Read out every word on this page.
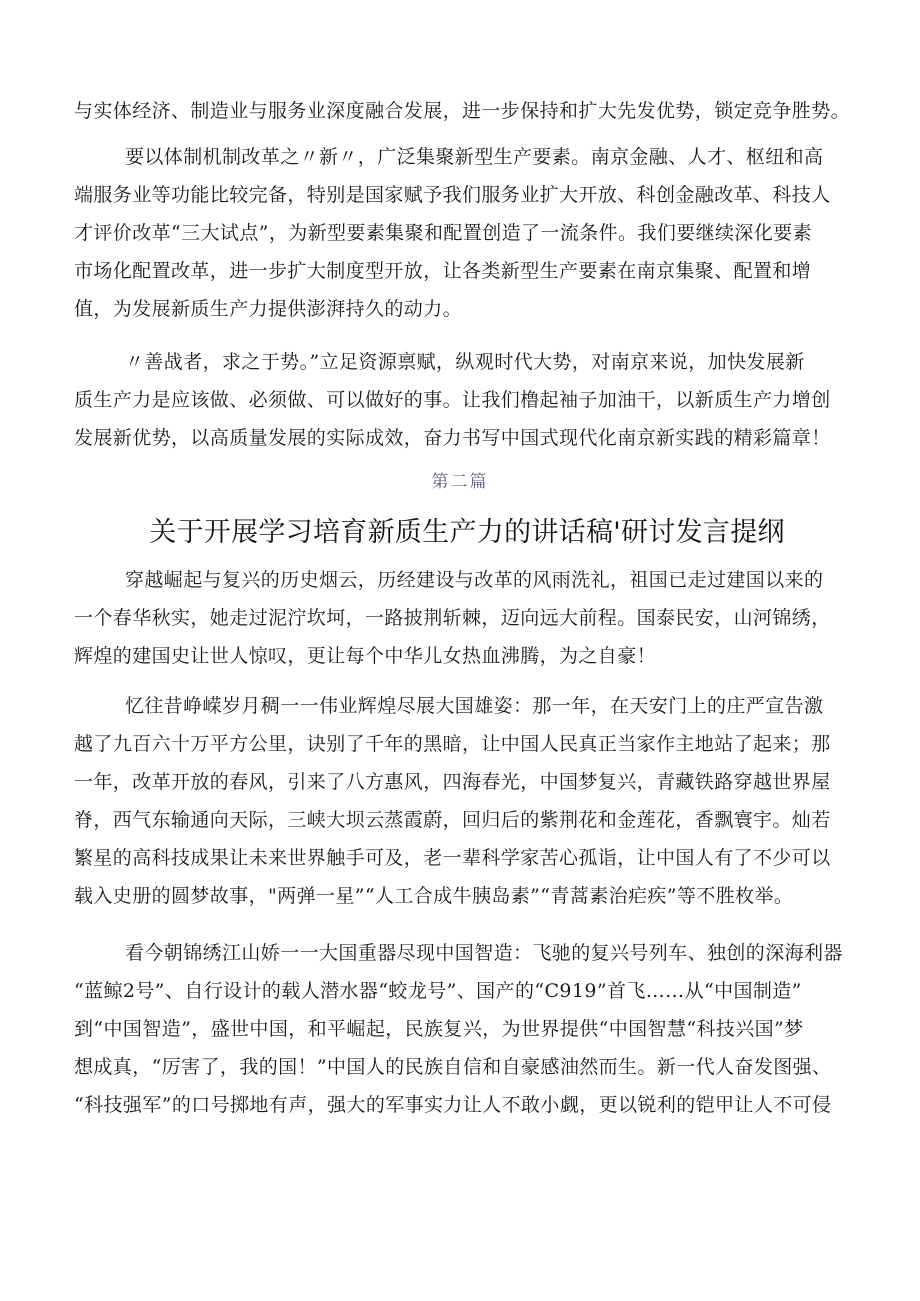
与实体经济、制造业与服务业深度融合发展，进一步保持和扩大先发优势，锁定竞争胜势。
要以体制机制改革之〃新〃，广泛集聚新型生产要素。南京金融、人才、枢纽和高
端服务业等功能比较完备，特别是国家赋予我们服务业扩大开放、科创金融改革、科技人
才评价改革“三大试点”，为新型要素集聚和配置创造了一流条件。我们要继续深化要素
市场化配置改革，进一步扩大制度型开放，让各类新型生产要素在南京集聚、配置和增
值，为发展新质生产力提供澎湃持久的动力。
〃善战者，求之于势。”立足资源禀赋，纵观时代大势，对南京来说，加快发展新
质生产力是应该做、必须做、可以做好的事。让我们橹起袖子加油干，以新质生产力增创
发展新优势，以高质量发展的实际成效，奋力书写中国式现代化南京新实践的精彩篇章！
第二篇
关于开展学习培育新质生产力的讲话稿'研讨发言提纲
穿越崛起与复兴的历史烟云，历经建设与改革的风雨洗礼，祖国已走过建国以来的
一个春华秋实，她走过泥泞坎坷，一路披荆斩棘，迈向远大前程。国泰民安，山河锦绣，
辉煌的建国史让世人惊叹，更让每个中华儿女热血沸腾，为之自豪！
忆往昔峥嵘岁月稠一一伟业辉煌尽展大国雄姿：那一年，在天安门上的庄严宣告激
越了九百六十万平方公里，诀别了千年的黑暗，让中国人民真正当家作主地站了起来；那
一年，改革开放的春风，引来了八方惠风，四海春光，中国梦复兴，青藏铁路穿越世界屋
脊，西气东输通向天际，三峡大坝云蒸霞蔚，回归后的紫荆花和金莲花，香飘寰宇。灿若
繁星的高科技成果让未来世界触手可及，老一辈科学家苦心孤诣，让中国人有了不少可以
载入史册的圆梦故事，"两弹一星”“人工合成牛胰岛素”“青蒿素治疟疾”等不胜枚举。
看今朝锦绣江山娇一一大国重器尽现中国智造：飞驰的复兴号列车、独创的深海利器
“蓝鲸2号”、自行设计的载人潜水器“蛟龙号”、国产的“C919”首飞……从“中国制造”
到“中国智造”，盛世中国，和平崛起，民族复兴，为世界提供“中国智慧“科技兴国”梦
想成真，“厉害了，我的国！”中国人的民族自信和自豪感油然而生。新一代人奋发图强、
“科技强军”的口号掷地有声，强大的军事实力让人不敢小觑，更以锐利的铠甲让人不可侵
